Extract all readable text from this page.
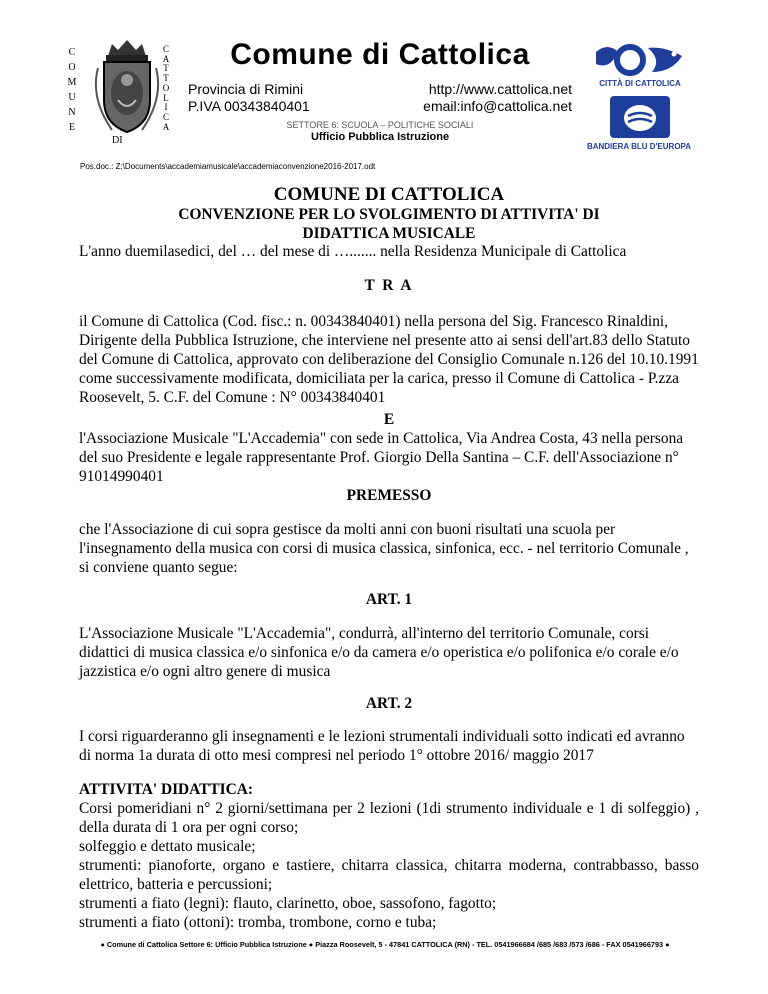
C
O
M
U
N
E
C
A
T
T
O
L
I
C
A
DI
Comune di Cattolica
Provincia di Rimini
P.IVA 00343840401
http://www.cattolica.net
email:info@cattolica.net
SETTORE 6: SCUOLA – POLITICHE SOCIALI
Ufficio Pubblica Istruzione
CITTÀ DI CATTOLICA
BANDIERA BLU D'EUROPA
Pos.doc.: Z:\Documents\accademiamusicale\accademiaconvenzione2016-2017.odt
COMUNE DI CATTOLICA
CONVENZIONE PER LO SVOLGIMENTO DI ATTIVITA' DI DIDATTICA MUSICALE
L'anno duemilasedici, del … del mese di …....... nella Residenza Municipale di Cattolica
T R A
il Comune di Cattolica (Cod. fisc.: n. 00343840401) nella persona del Sig. Francesco Rinaldini, Dirigente della Pubblica Istruzione, che interviene nel presente atto ai sensi dell'art.83 dello Statuto del Comune di Cattolica, approvato con deliberazione del Consiglio Comunale n.126 del 10.10.1991 come successivamente modificata, domiciliata per la carica, presso il Comune di Cattolica - P.zza Roosevelt, 5. C.F. del Comune : N° 00343840401
E
l'Associazione Musicale "L'Accademia" con sede in Cattolica, Via Andrea Costa, 43 nella persona del suo Presidente e legale rappresentante Prof. Giorgio Della Santina – C.F. dell'Associazione n° 91014990401
PREMESSO
che l'Associazione di cui sopra gestisce da molti anni con buoni risultati una scuola per l'insegnamento della musica con corsi di musica classica, sinfonica, ecc. - nel territorio Comunale , si conviene quanto segue:
ART. 1
L'Associazione Musicale "L'Accademia", condurrà, all'interno del territorio Comunale, corsi didattici di musica classica e/o sinfonica e/o da camera e/o operistica e/o polifonica e/o corale e/o jazzistica e/o ogni altro genere di musica
ART. 2
I corsi riguarderanno gli insegnamenti e le lezioni strumentali individuali sotto indicati ed avranno di norma 1a durata di otto mesi compresi nel periodo 1° ottobre 2016/ maggio 2017
ATTIVITA' DIDATTICA:
Corsi pomeridiani n° 2 giorni/settimana per 2 lezioni (1di strumento individuale e 1 di solfeggio) , della durata di 1 ora per ogni corso;
solfeggio e dettato musicale;
strumenti: pianoforte, organo e tastiere, chitarra classica, chitarra moderna, contrabbasso, basso elettrico, batteria e percussioni;
strumenti a fiato (legni): flauto, clarinetto, oboe, sassofono, fagotto;
strumenti a fiato (ottoni): tromba, trombone, corno e tuba;
● Comune di Cattolica Settore 6: Ufficio Pubblica Istruzione ● Piazza Roosevelt, 5 - 47841 CATTOLICA (RN) - TEL. 0541966684 /685 /683 /573 /686 - FAX 0541966793 ●
